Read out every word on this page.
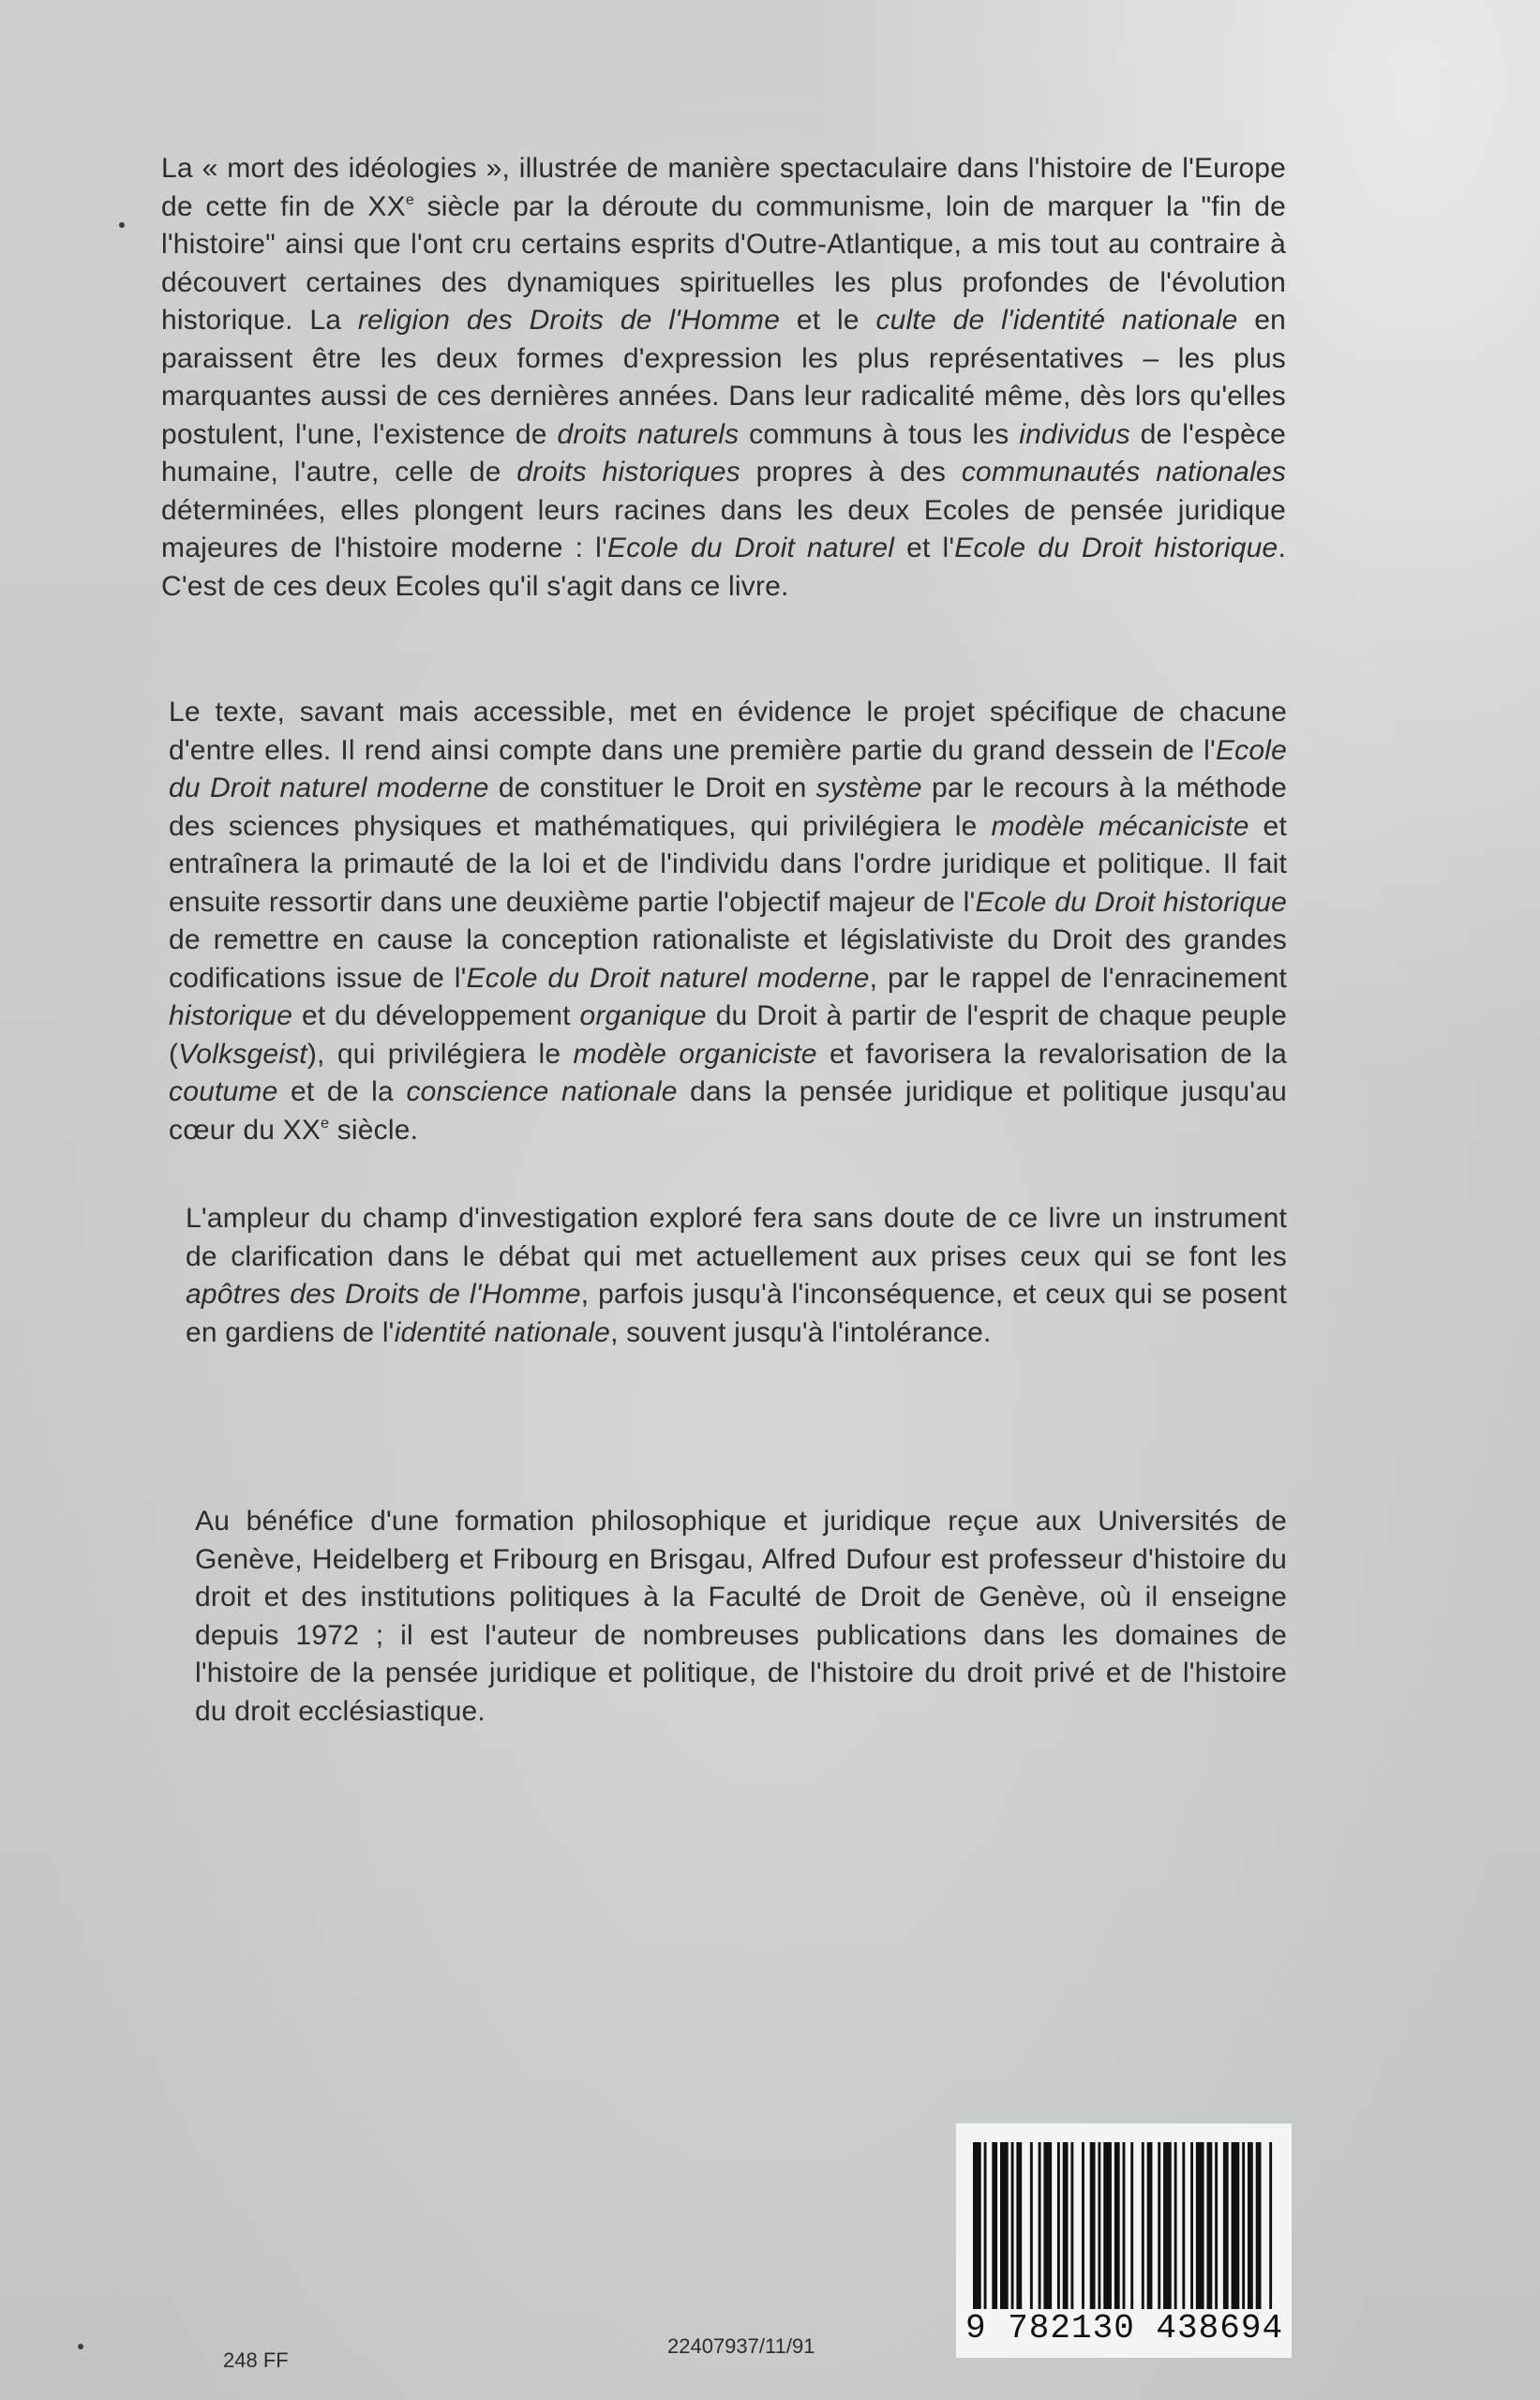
La « mort des idéologies », illustrée de manière spectaculaire dans l'histoire de l'Europe de cette fin de XXe siècle par la déroute du communisme, loin de marquer la "fin de l'histoire" ainsi que l'ont cru certains esprits d'Outre-Atlantique, a mis tout au contraire à découvert certaines des dynamiques spirituelles les plus profondes de l'évolution historique. La religion des Droits de l'Homme et le culte de l'identité nationale en paraissent être les deux formes d'expression les plus représentatives – les plus marquantes aussi de ces dernières années. Dans leur radicalité même, dès lors qu'elles postulent, l'une, l'existence de droits naturels communs à tous les individus de l'espèce humaine, l'autre, celle de droits historiques propres à des communautés nationales déterminées, elles plongent leurs racines dans les deux Ecoles de pensée juridique majeures de l'histoire moderne : l'Ecole du Droit naturel et l'Ecole du Droit historique. C'est de ces deux Ecoles qu'il s'agit dans ce livre.

Le texte, savant mais accessible, met en évidence le projet spécifique de chacune d'entre elles. Il rend ainsi compte dans une première partie du grand dessein de l'Ecole du Droit naturel moderne de constituer le Droit en système par le recours à la méthode des sciences physiques et mathématiques, qui privilégiera le modèle mécaniciste et entraînera la primauté de la loi et de l'individu dans l'ordre juridique et politique. Il fait ensuite ressortir dans une deuxième partie l'objectif majeur de l'Ecole du Droit historique de remettre en cause la conception rationaliste et législativiste du Droit des grandes codifications issue de l'Ecole du Droit naturel moderne, par le rappel de l'enracinement historique et du développement organique du Droit à partir de l'esprit de chaque peuple (Volksgeist), qui privilégiera le modèle organiciste et favorisera la revalorisation de la coutume et de la conscience nationale dans la pensée juridique et politique jusqu'au cœur du XXe siècle.

L'ampleur du champ d'investigation exploré fera sans doute de ce livre un instrument de clarification dans le débat qui met actuellement aux prises ceux qui se font les apôtres des Droits de l'Homme, parfois jusqu'à l'inconséquence, et ceux qui se posent en gardiens de l'identité nationale, souvent jusqu'à l'intolérance.

Au bénéfice d'une formation philosophique et juridique reçue aux Universités de Genève, Heidelberg et Fribourg en Brisgau, Alfred Dufour est professeur d'histoire du droit et des institutions politiques à la Faculté de Droit de Genève, où il enseigne depuis 1972 ; il est l'auteur de nombreuses publications dans les domaines de l'histoire de la pensée juridique et politique, de l'histoire du droit privé et de l'histoire du droit ecclésiastique.

9 782130 438694
248 FF
22407937/11/91
